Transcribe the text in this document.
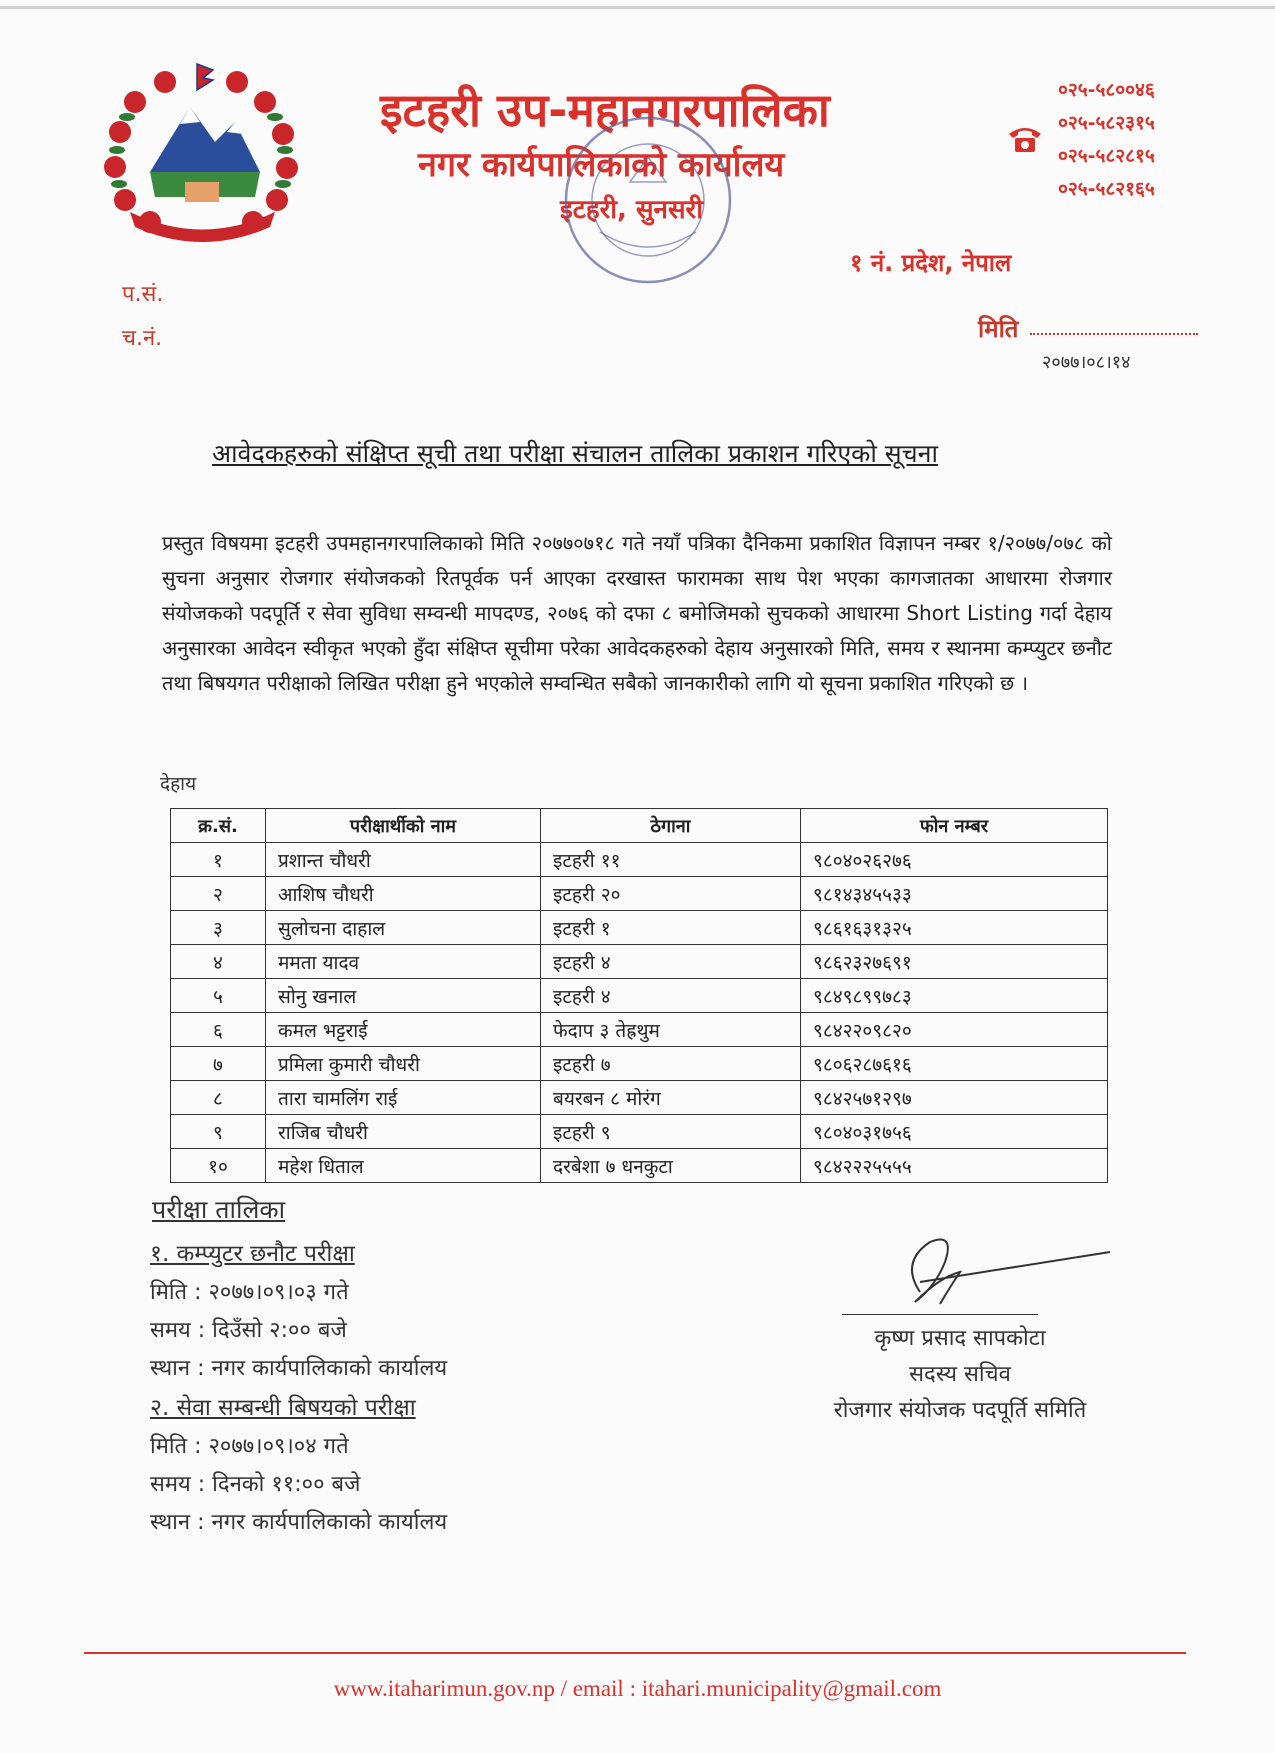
इटहरी उप-महानगरपालिका
नगर कार्यपालिकाको कार्यालय
इटहरी, सुनसरी
१ नं. प्रदेश, नेपाल
०२५-५८००४६
०२५-५८२३१५
०२५-५८२८१५
०२५-५८२१६५
प.सं.
च.नं.	मिति
२०७७।०८।१४
आवेदकहरुको संक्षिप्त सूची तथा परीक्षा संचालन तालिका प्रकाशन गरिएको सूचना
प्रस्तुत विषयमा इटहरी उपमहानगरपालिकाको मिति २०७७०७१८ गते नयाँ पत्रिका दैनिकमा प्रकाशित विज्ञापन नम्बर १/२०७७/०७८ को सुचना अनुसार रोजगार संयोजकको रितपूर्वक पर्न आएका दरखास्त फारामका साथ पेश भएका कागजातका आधारमा रोजगार संयोजकको पदपूर्ति र सेवा सुविधा सम्वन्धी मापदण्ड, २०७६ को दफा ८ बमोजिमको सुचकको आधारमा Short Listing गर्दा देहाय अनुसारका आवेदन स्वीकृत भएको हुँदा संक्षिप्त सूचीमा परेका आवेदकहरुको देहाय अनुसारको मिति, समय र स्थानमा कम्प्युटर छनौट तथा बिषयगत परीक्षाको लिखित परीक्षा हुने भएकोले सम्वन्धित सबैको जानकारीको लागि यो सूचना प्रकाशित गरिएको छ ।
देहाय
क्र.सं.	परीक्षार्थीको नाम	ठेगाना	फोन नम्बर
१	प्रशान्त चौधरी	इटहरी ११	९८०४०२६२७६
२	आशिष चौधरी	इटहरी २०	९८१४३४५५३३
३	सुलोचना दाहाल	इटहरी १	९८६१६३१३२५
४	ममता यादव	इटहरी ४	९८६२३२७६९१
५	सोनु खनाल	इटहरी ४	९८४९८९९७८३
६	कमल भट्टराई	फेदाप ३ तेह्रथुम	९८४२२०९८२०
७	प्रमिला कुमारी चौधरी	इटहरी ७	९८०६२८७६१६
८	तारा चामलिंग राई	बयरबन ८ मोरंग	९८४२५७१२९७
९	राजिब चौधरी	इटहरी ९	९८०४०३१७५६
१०	महेश धिताल	दरबेशा ७ धनकुटा	९८४२२२५५५५
परीक्षा तालिका
१. कम्प्युटर छनौट परीक्षा
मिति : २०७७।०९।०३ गते
समय : दिउँसो २:०० बजे
स्थान : नगर कार्यपालिकाको कार्यालय
२. सेवा सम्बन्धी बिषयको परीक्षा
मिति : २०७७।०९।०४ गते
समय : दिनको ११:०० बजे
स्थान : नगर कार्यपालिकाको कार्यालय
कृष्ण प्रसाद सापकोटा
सदस्य सचिव
रोजगार संयोजक पदपूर्ति समिति
www.itaharimun.gov.np / email : itahari.municipality@gmail.com
